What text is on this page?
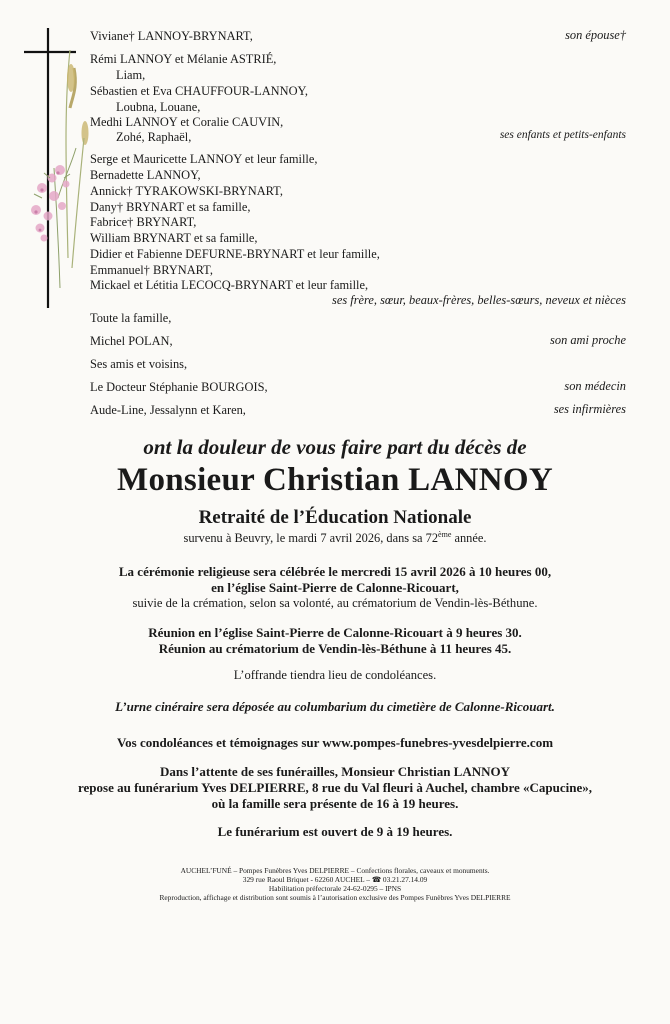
Viviane† LANNOY-BRYNART,	son épouse†
Rémi LANNOY et Mélanie ASTRIÉ,
Liam,
Sébastien et Eva CHAUFFOUR-LANNOY,
Loubna, Louane,
Medhi LANNOY et Coralie CAUVIN,
Zohé, Raphaël,	ses enfants et petits-enfants
Serge et Mauricette LANNOY et leur famille,
Bernadette LANNOY,
Annick† TYRAKOWSKI-BRYNART,
Dany† BRYNART et sa famille,
Fabrice† BRYNART,
William BRYNART et sa famille,
Didier et Fabienne DEFURNE-BRYNART et leur famille,
Emmanuel† BRYNART,
Mickael et Létitia LECOCQ-BRYNART et leur famille,
ses frère, sœur, beaux-frères, belles-sœurs, neveux et nièces
Toute la famille,
Michel POLAN,	son ami proche
Ses amis et voisins,
Le Docteur Stéphanie BOURGOIS,	son médecin
Aude-Line, Jessalynn et Karen,	ses infirmières
ont la douleur de vous faire part du décès de
Monsieur Christian LANNOY
Retraité de l’Éducation Nationale
survenu à Beuvry, le mardi 7 avril 2026, dans sa 72ème année.
La cérémonie religieuse sera célébrée le mercredi 15 avril 2026 à 10 heures 00,
en l’église Saint-Pierre de Calonne-Ricouart,
suivie de la crémation, selon sa volonté, au crématorium de Vendin-lès-Béthune.
Réunion en l’église Saint-Pierre de Calonne-Ricouart à 9 heures 30.
Réunion au crématorium de Vendin-lès-Béthune à 11 heures 45.
L’offrande tiendra lieu de condoléances.
L’urne cinéraire sera déposée au columbarium du cimetière de Calonne-Ricouart.
Vos condoléances et témoignages sur www.pompes-funebres-yvesdelpierre.com
Dans l’attente de ses funérailles, Monsieur Christian LANNOY
repose au funérarium Yves DELPIERRE, 8 rue du Val fleuri à Auchel, chambre «Capucine»,
où la famille sera présente de 16 à 19 heures.
Le funérarium est ouvert de 9 à 19 heures.
AUCHEL’FUNÉ – Pompes Funèbres Yves DELPIERRE – Confections florales, caveaux et monuments.
329 rue Raoul Briquet - 62260 AUCHEL – ☎ 03.21.27.14.09
Habilitation préfectorale 24-62-0295 – IPNS
Reproduction, affichage et distribution sont soumis à l’autorisation exclusive des Pompes Funèbres Yves DELPIERRE
